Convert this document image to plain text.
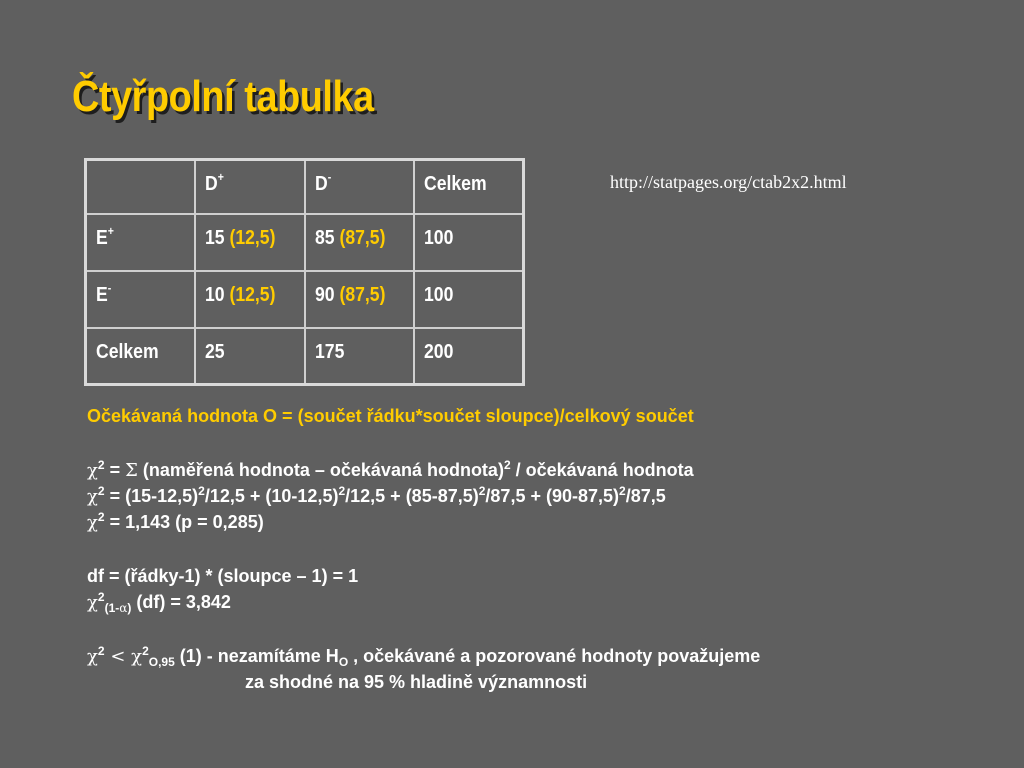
Čtyřpolní tabulka
http://statpages.org/ctab2x2.html
	D+	D-	Celkem
E+	15 (12,5)	85 (87,5)	100
E-	10 (12,5)	90 (87,5)	100
Celkem	25	175	200
Očekávaná hodnota O = (součet řádku*součet sloupce)/celkový součet
$\chi^2 = \Sigma$ (naměřená hodnota – očekávaná hodnota)$^2$ / očekávaná hodnota
$\chi^2 = (15-12,5)^2/12,5 + (10-12,5)^2/12,5 + (85-87,5)^2/87,5 + (90-87,5)^2/87,5$
$\chi^2 = 1,143$ (p = 0,285)
df = (řádky-1) * (sloupce – 1) = 1
$\chi^2_{(1-\alpha)}$ (df) = 3,842
$\chi^2 < \chi^2_{O,95}$ (1) - nezamítáme $H_O$ , očekávané a pozorované hodnoty považujeme
za shodné na 95 % hladině významnosti
